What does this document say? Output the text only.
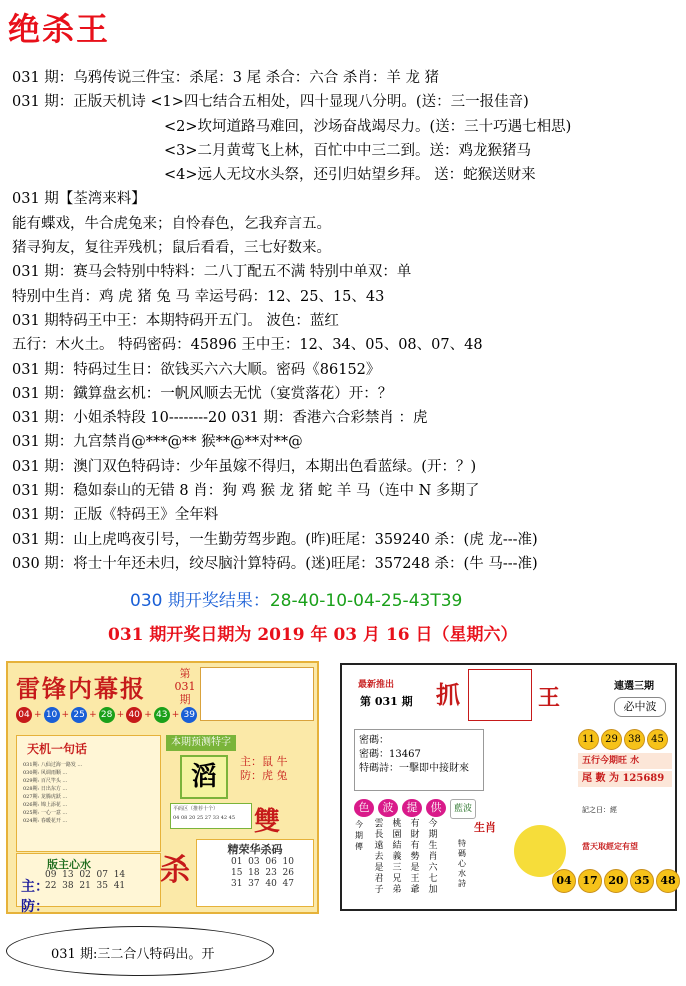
绝杀王
031 期：乌鸦传说三件宝：杀尾：3 尾 杀合：六合 杀肖：羊 龙 猪
031 期：正版天机诗 <1>四七结合五相处，四十显现八分明。(送：三一报佳音)
<2>坎坷道路马难回，沙场奋战竭尽力。(送：三十巧遇七相思)
<3>二月黄莺飞上林，百忙中中三二到。送：鸡龙猴猪马
<4>远人无坟水头祭，还引归姑望乡拜。 送：蛇猴送财来
031 期【荃湾来料】
能有蝶戏，牛合虎兔来；自怜春色，乞我弃言五。
猪寻狗友，复往弄残机；鼠后看看，三七好数来。
031 期：赛马会特别中特料：二八丁配五不满 特别中单双：单
特别中生肖：鸡 虎 猪 兔 马 幸运号码：12、25、15、43
031 期特码王中王：本期特码开五门。 波色：蓝红
五行：木火土。 特码密码：45896 王中王：12、34、05、08、07、48
031 期：特码过生日：欲钱买六六大顺。密码《86152》
031 期：鐵算盘玄机：一帆风顺去无忧（宴赏落花）开：？
031 期：小姐杀特段 10--------20 031 期：香港六合彩禁肖 ：虎
031 期：九宫禁肖@***@** 猴**@**对**@
031 期：澳门双色特码诗：少年虽嫁不得归，本期出色看蓝绿。(开：？)
031 期：稳如泰山的无错 8 肖：狗 鸡 猴 龙 猪 蛇 羊 马（连中 N 多期了
031 期：正版《特码王》全年料
031 期：山上虎鸣夜引号，一生勤劳驾步跑。(昨)旺尾：359240 杀：(虎 龙---准)
030 期：将士十年还未归，绞尽脑汁算特码。(迷)旺尾：357248 杀：(牛 马---准)
030 期开奖结果：28-40-10-04-25-43T39
031 期开奖日期为 2019 年 03 月 16 日（星期六）
雷锋内幕报
第
031
期
04 + 10 + 25 + 28 + 40 + 43 + 39
天机一句话
031期: 八仙过海一路发 …
030期: 风调雨顺 …
029期: 百尺竿头 …
028期: 日出东方 …
027期: 龙腾虎跃 …
026期: 锦上添花 …
025期: 一心一意 …
024期: 春暖花开 …
本期预测特字
滔
主：鼠 牛
防：虎 兔
平码区（推荐十个）
04 08 20 25 27 33 42 45 雙
版主心水
主：
防：
09  13  02  07  14
22  38  21  35  41 杀
精荣华杀码
01  03  06  10
15  18  23  26
31  37  40  47
最新推出
第 031 期 抓	王	連選三期
必中波
密碼：
密碼：13467
特碼詩：一擊即中接財來
11	29	38	45
五行今期旺 水
尾 數 为 125689
色	波	提	供	藍波	記之日：經
今期傳
雲長遠去是君子
桃園結義三兄弟
有財有勢是王爺
今期生肖六七加
生肖
特碼心水詩
當天取經定有望
04 17 20 35 48
031 期:三二合八特码出。开
